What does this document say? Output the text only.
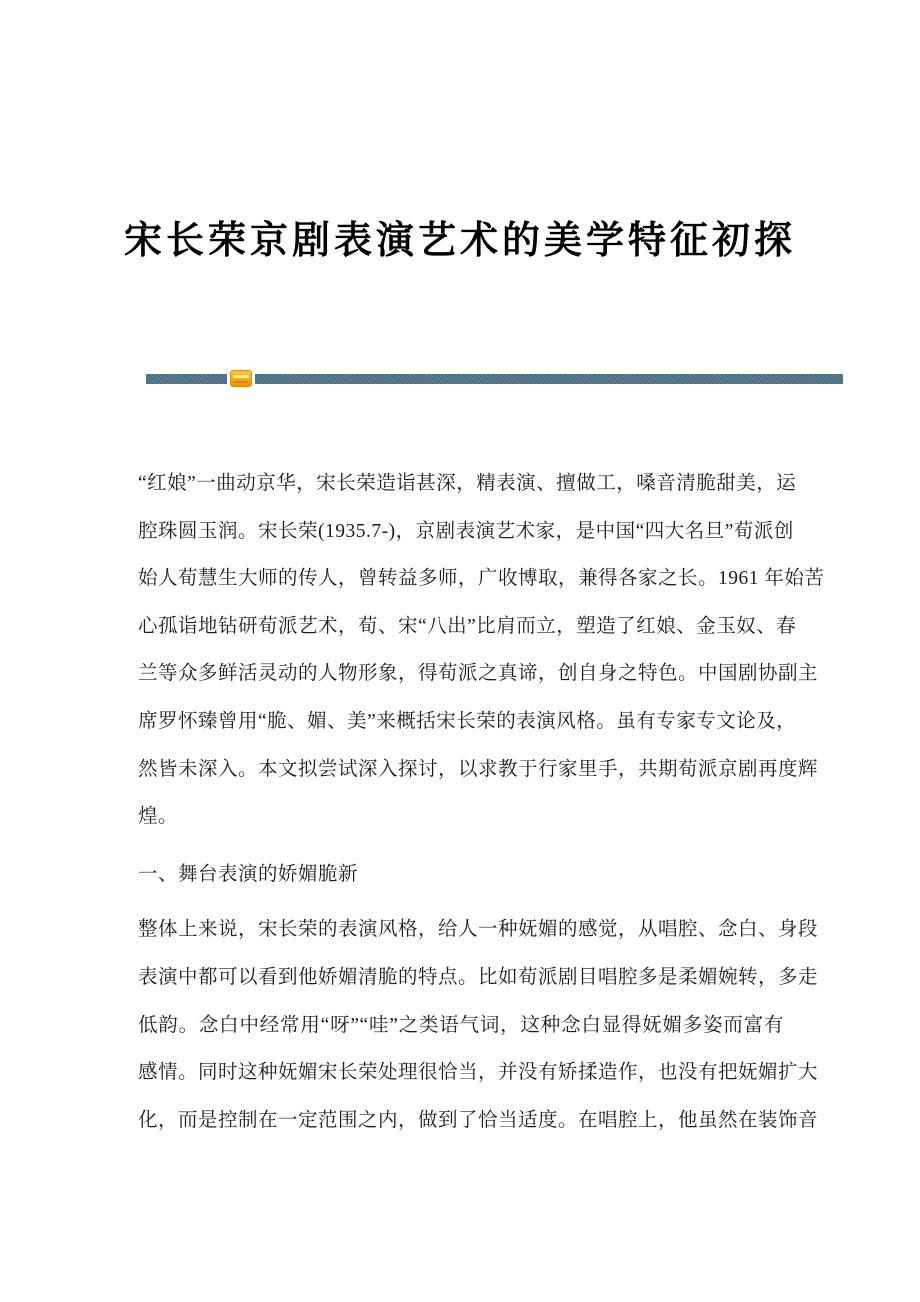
宋长荣京剧表演艺术的美学特征初探
“红娘”一曲动京华，宋长荣造诣甚深，精表演、擅做工，嗓音清脆甜美，运
腔珠圆玉润。宋长荣(1935.7-)，京剧表演艺术家，是中国“四大名旦”荀派创
始人荀慧生大师的传人，曾转益多师，广收博取，兼得各家之长。1961 年始苦
心孤诣地钻研荀派艺术，荀、宋“八出”比肩而立，塑造了红娘、金玉奴、春
兰等众多鲜活灵动的人物形象，得荀派之真谛，创自身之特色。中国剧协副主
席罗怀臻曾用“脆、媚、美”来概括宋长荣的表演风格。虽有专家专文论及，
然皆未深入。本文拟尝试深入探讨，以求教于行家里手，共期荀派京剧再度辉
煌。
一、舞台表演的娇媚脆新
整体上来说，宋长荣的表演风格，给人一种妩媚的感觉，从唱腔、念白、身段
表演中都可以看到他娇媚清脆的特点。比如荀派剧目唱腔多是柔媚婉转，多走
低韵。念白中经常用“呀”“哇”之类语气词，这种念白显得妩媚多姿而富有
感情。同时这种妩媚宋长荣处理很恰当，并没有矫揉造作，也没有把妩媚扩大
化，而是控制在一定范围之内，做到了恰当适度。在唱腔上，他虽然在装饰音
